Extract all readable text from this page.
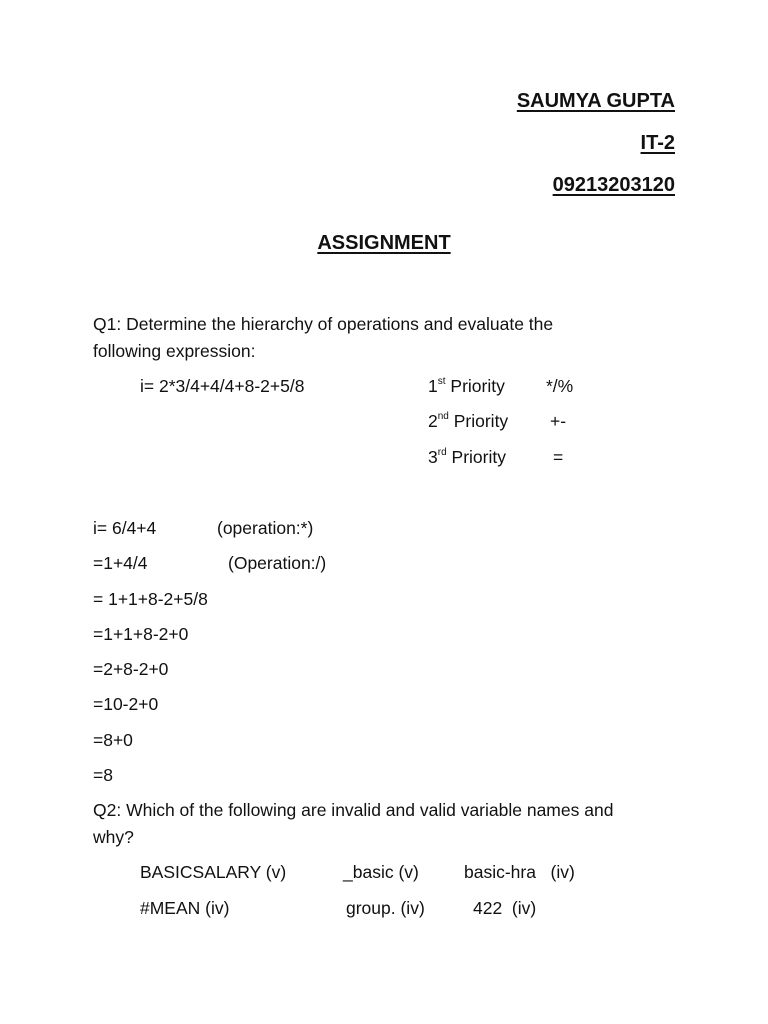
SAUMYA GUPTA
IT-2
09213203120
ASSIGNMENT
Q1: Determine the hierarchy of operations and evaluate the
following expression:
i= 2*3/4+4/4+8-2+5/8	1st Priority */%
2nd Priority +-
3rd Priority	=
i= 6/4+4	(operation:*)
=1+4/4	(Operation:/)
= 1+1+8-2+5/8
=1+1+8-2+0
=2+8-2+0
=10-2+0
=8+0
=8
Q2: Which of the following are invalid and valid variable names and
why?
BASICSALARY (v)	_basic (v)	basic-hra   (iv)
#MEAN (iv)	group. (iv)	422  (iv)
